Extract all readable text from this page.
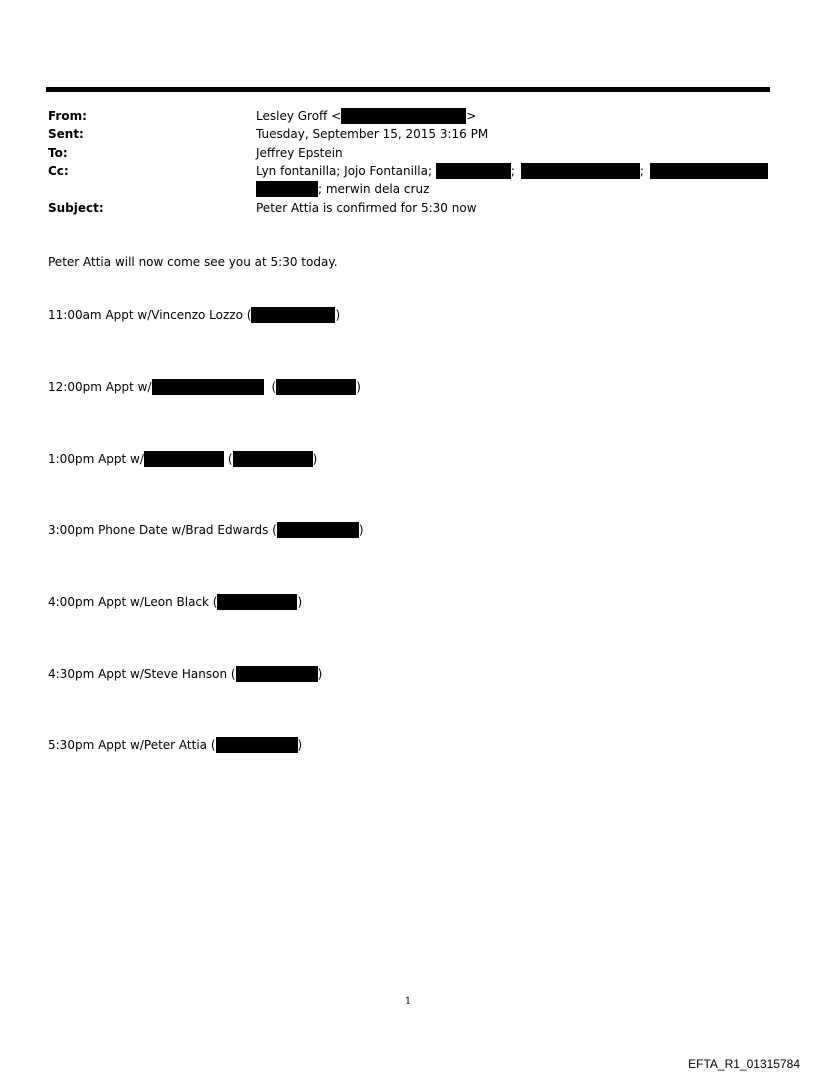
From:	Lesley Groff <	>
Sent:	Tuesday, September 15, 2015 3:16 PM
To:	Jeffrey Epstein
Cc:	Lyn fontanilla; Jojo Fontanilla;	;	;
; merwin dela cruz
Subject:	Peter Attia is confirmed for 5:30 now
Peter Attia will now come see you at 5:30 today.
11:00am Appt w/Vincenzo Lozzo (	)
12:00pm Appt w/	(	)
1:00pm Appt w/	(	)
3:00pm Phone Date w/Brad Edwards (	)
4:00pm Appt w/Leon Black (	)
4:30pm Appt w/Steve Hanson (	)
5:30pm Appt w/Peter Attia (	)
1
EFTA_R1_01315784
